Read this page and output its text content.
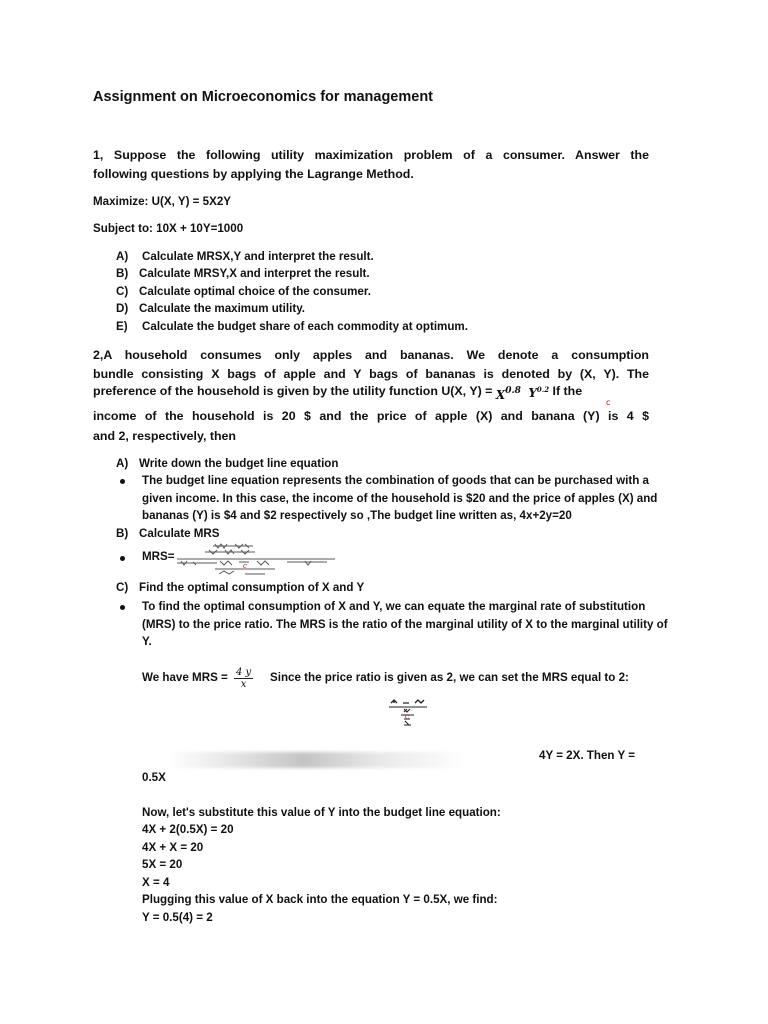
Assignment on Microeconomics for management
1, Suppose the following utility maximization problem of a consumer. Answer the
following questions by applying the Lagrange Method.
Maximize: U(X, Y) = 5X2Y
Subject to: 10X + 10Y=1000
A) Calculate MRSX,Y and interpret the result.
B) Calculate MRSY,X and interpret the result.
C) Calculate optimal choice of the consumer.
D) Calculate the maximum utility.
E) Calculate the budget share of each commodity at optimum.
2,A household consumes only apples and bananas. We denote a consumption
bundle consisting X bags of apple and Y bags of bananas is denoted by (X, Y). The
preference of the household is given by the utility function U(X, Y) = X0.8 $Y^{0.2}$ If the
ⅽ
income of the household is 20 $ and the price of apple (X) and banana (Y) is 4 $
and 2, respectively, then
A) Write down the budget line equation
The budget line equation represents the combination of goods that can be purchased with a given income. In this case, the income of the household is $20 and the price of apples (X) and bananas (Y) is $4 and $2 respectively so ,The budget line written as, 4x+2y=20
B) Calculate MRS
MRS=
ⅽ
C) Find the optimal consumption of X and Y
To find the optimal consumption of X and Y, we can equate the marginal rate of substitution (MRS) to the price ratio. The MRS is the ratio of the marginal utility of X to the marginal utility of Y.
We have MRS = $\frac{4 y}{x}$ Since the price ratio is given as 2, we can set the MRS equal to 2:
ⅽ
4Y = 2X. Then Y =
0.5X
Now, let's substitute this value of Y into the budget line equation:
4X + 2(0.5X) = 20
4X + X = 20
5X = 20
X = 4
Plugging this value of X back into the equation Y = 0.5X, we find:
Y = 0.5(4) = 2
